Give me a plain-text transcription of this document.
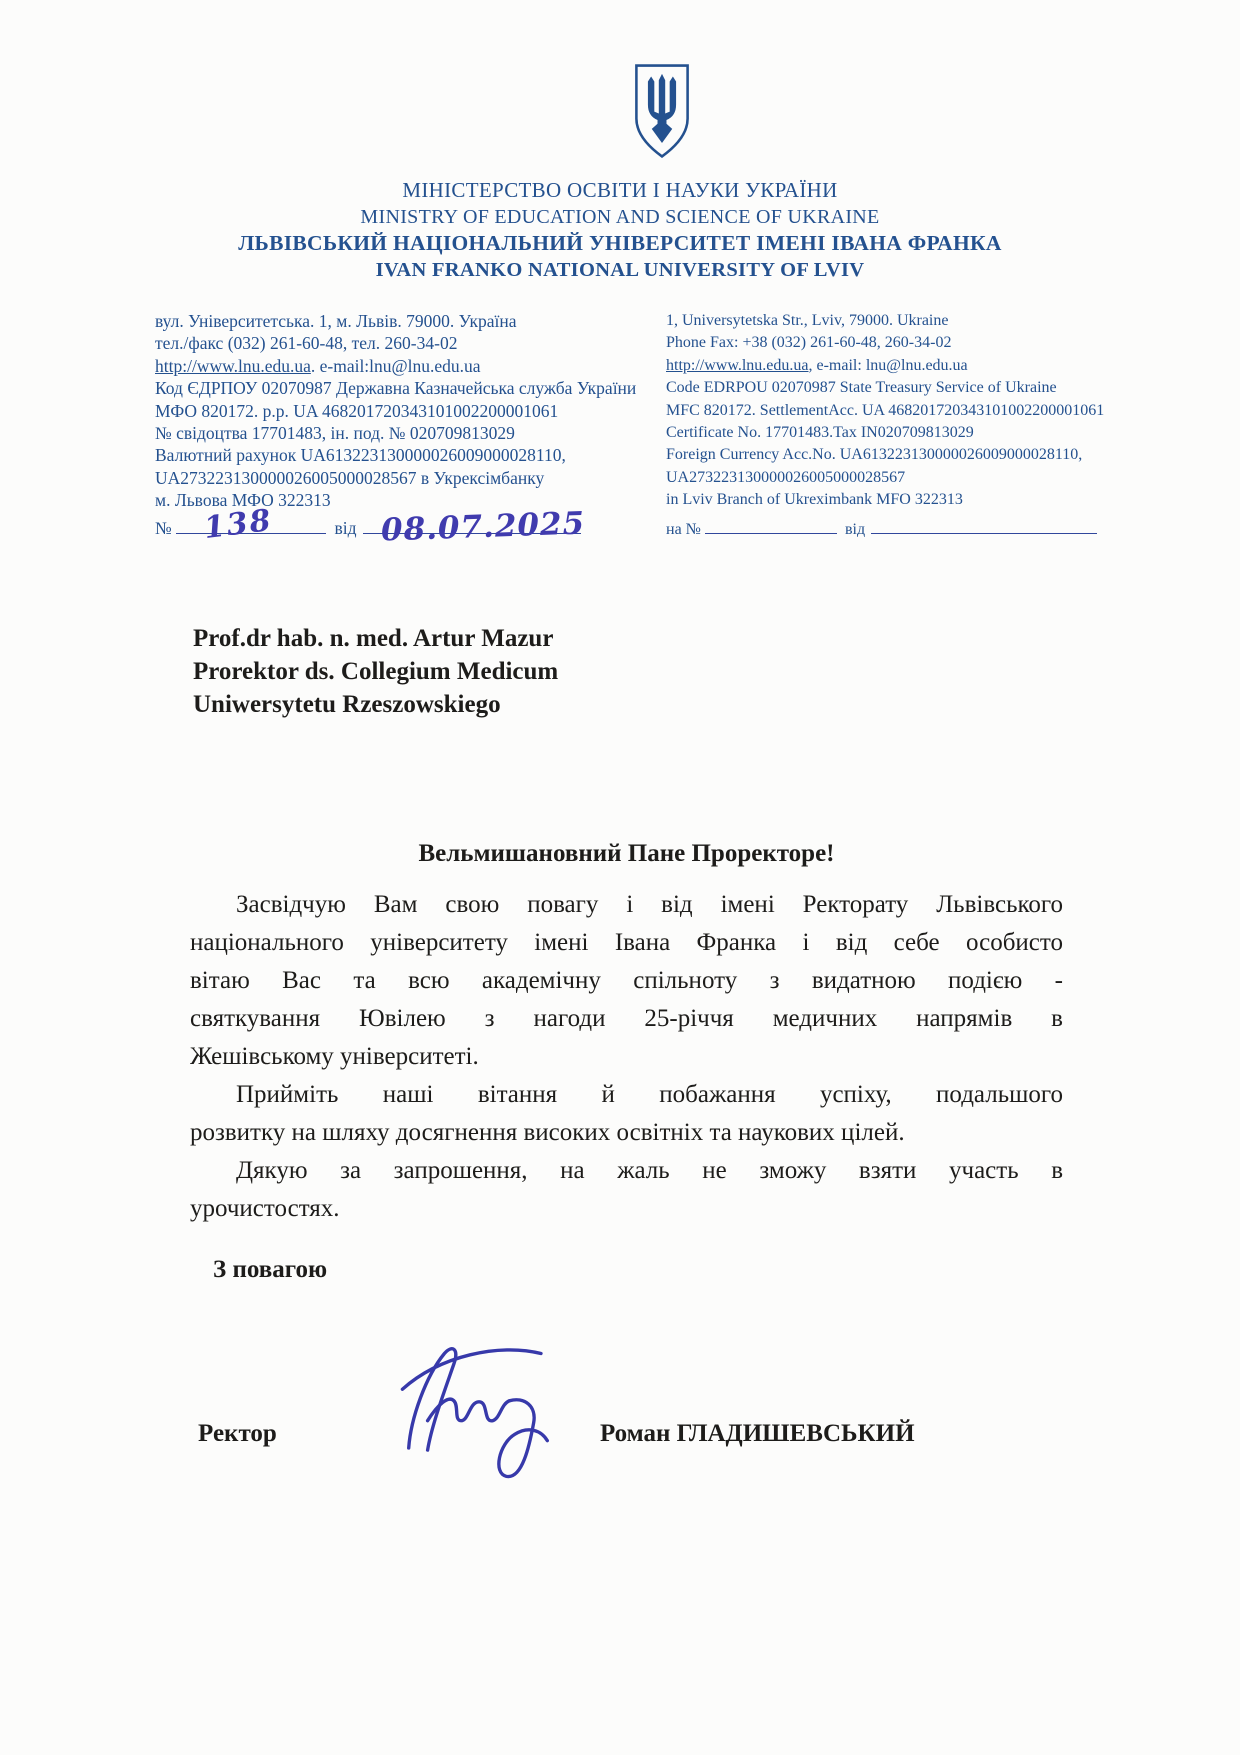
МІНІСТЕРСТВО ОСВІТИ І НАУКИ УКРАЇНИ
MINISTRY OF EDUCATION AND SCIENCE OF UKRAINE
ЛЬВІВСЬКИЙ НАЦІОНАЛЬНИЙ УНІВЕРСИТЕТ ІМЕНІ ІВАНА ФРАНКА
IVAN FRANKO NATIONAL UNIVERSITY OF LVIV
вул. Університетська. 1, м. Львів. 79000. Україна
тел./факс (032) 261-60-48, тел. 260-34-02
http://www.lnu.edu.ua. e-mail:lnu@lnu.edu.ua
Код ЄДРПОУ 02070987 Державна Казначейська служба України
МФО 820172. р.р. UA 468201720343101002200001061
№ свідоцтва 17701483, ін. под. № 020709813029
Валютний рахунок UA613223130000026009000028110,
UA273223130000026005000028567 в Укрексімбанку
м. Львова МФО 322313
№ 138	від 08.07.2025
1, Universytetska Str., Lviv, 79000. Ukraine
Phone Fax: +38 (032) 261-60-48, 260-34-02
http://www.lnu.edu.ua, e-mail: lnu@lnu.edu.ua
Code EDRPOU 02070987 State Treasury Service of Ukraine
MFC 820172. SettlementAcc. UA 468201720343101002200001061
Certificate No. 17701483.Tax IN020709813029
Foreign Currency Acc.No. UA613223130000026009000028110,
UA273223130000026005000028567
in Lviv Branch of Ukreximbank MFO 322313
на №	від
Prof.dr hab. n. med. Artur Mazur
Prorektor ds. Collegium Medicum
Uniwersytetu Rzeszowskiego
Вельмишановний Пане Проректоре!
Засвідчую Вам свою повагу і від імені Ректорату Львівського
національного університету імені Івана Франка і від себе особисто
вітаю Вас та всю академічну спільноту з видатною подією -
святкування Ювілею з нагоди 25-річчя медичних напрямів в
Жешівському університеті.
Прийміть наші вітання й побажання успіху, подальшого
розвитку на шляху досягнення високих освітніх та наукових цілей.
Дякую за запрошення, на жаль не зможу взяти участь в
урочистостях.
З повагою
Ректор	Роман ГЛАДИШЕВСЬКИЙ
